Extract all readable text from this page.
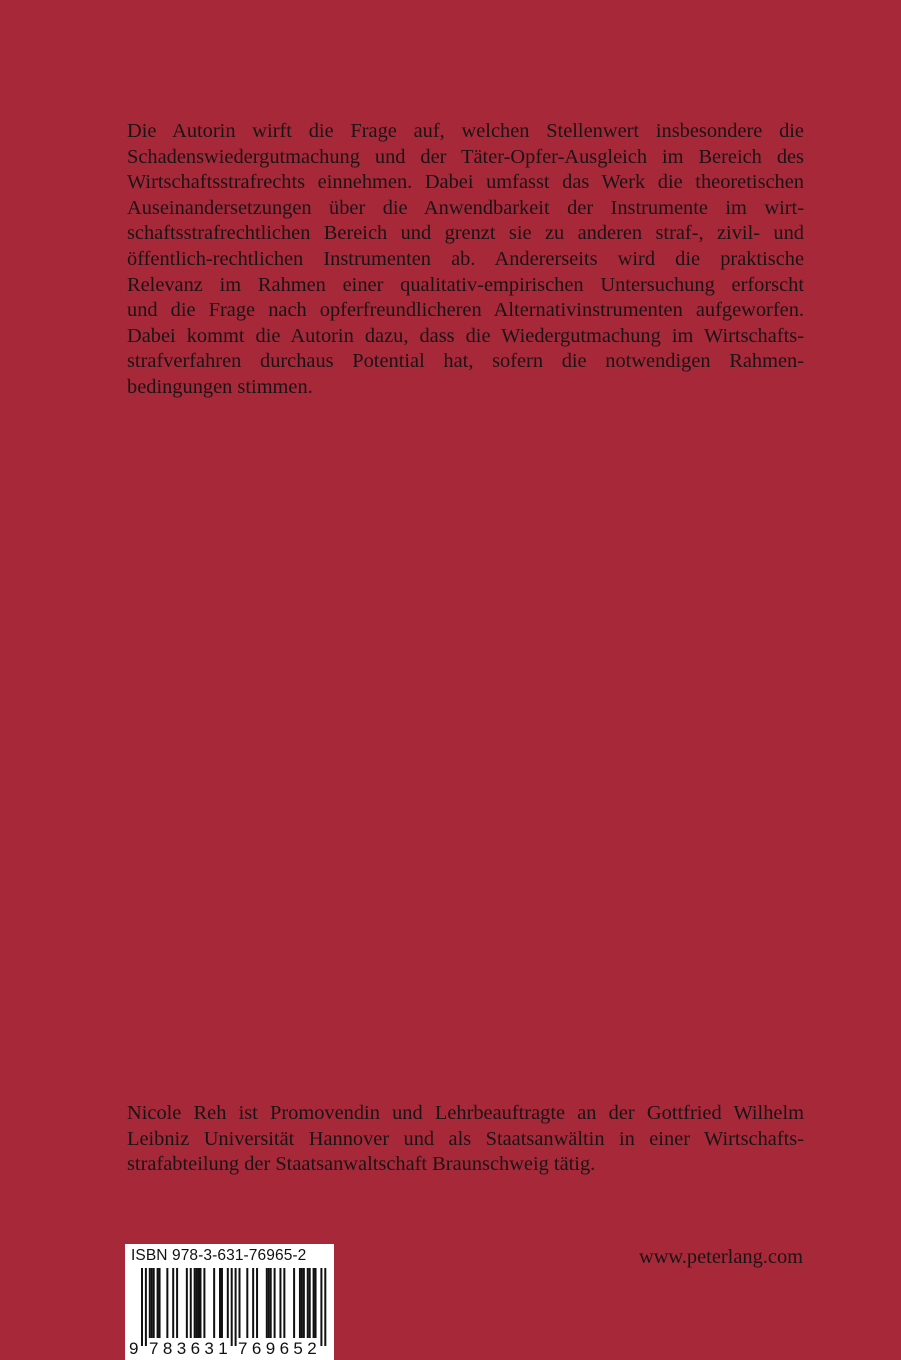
Die Autorin wirft die Frage auf, welchen Stellenwert insbesondere die

Schadenswiedergutmachung und der Täter-Opfer-Ausgleich im Bereich des

Wirtschaftsstrafrechts einnehmen. Dabei umfasst das Werk die theoretischen

Auseinandersetzungen über die Anwendbarkeit der Instrumente im wirt-

schaftsstrafrechtlichen Bereich und grenzt sie zu anderen straf-, zivil- und

öffentlich-rechtlichen Instrumenten ab. Andererseits wird die praktische

Relevanz im Rahmen einer qualitativ-empirischen Untersuchung erforscht

und die Frage nach opferfreundlicheren Alternativinstrumenten aufgeworfen.

Dabei kommt die Autorin dazu, dass die Wiedergutmachung im Wirtschafts-

strafverfahren durchaus Potential hat, sofern die notwendigen Rahmen-

bedingungen stimmen.

Nicole Reh ist Promovendin und Lehrbeauftragte an der Gottfried Wilhelm

Leibniz Universität Hannover und als Staatsanwältin in einer Wirtschafts-

strafabteilung der Staatsanwaltschaft Braunschweig tätig.

ISBN 978-3-631-76965-2
9 783631 769652
www.peterlang.com
